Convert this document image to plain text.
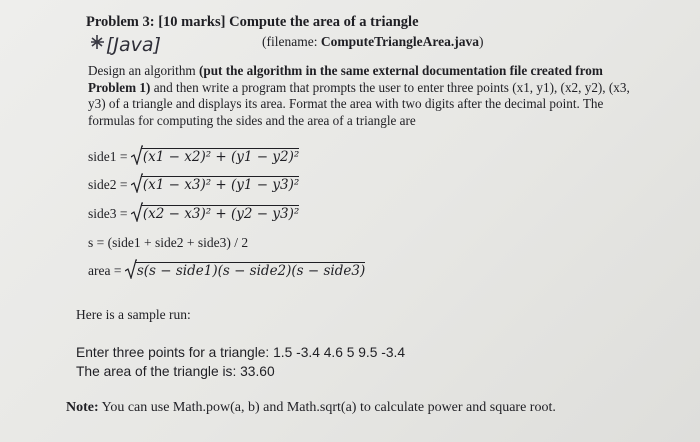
Problem 3: [10 marks] Compute the area of a triangle
[Java]	(filename: ComputeTriangleArea.java)
Design an algorithm (put the algorithm in the same external documentation file created from Problem 1) and then write a program that prompts the user to enter three points (x1, y1), (x2, y2), (x3, y3) of a triangle and displays its area. Format the area with two digits after the decimal point. The formulas for computing the sides and the area of a triangle are
side1 =
(x1 − x2)² + (y1 − y2)²
side2 =
(x1 − x3)² + (y1 − y3)²
side3 =
(x2 − x3)² + (y2 − y3)²
s = (side1 + side2 + side3) / 2
area =
s(s − side1)(s − side2)(s − side3)
Here is a sample run:
Enter three points for a triangle: 1.5 -3.4 4.6 5 9.5 -3.4
The area of the triangle is: 33.60
Note: You can use Math.pow(a, b) and Math.sqrt(a) to calculate power and square root.
